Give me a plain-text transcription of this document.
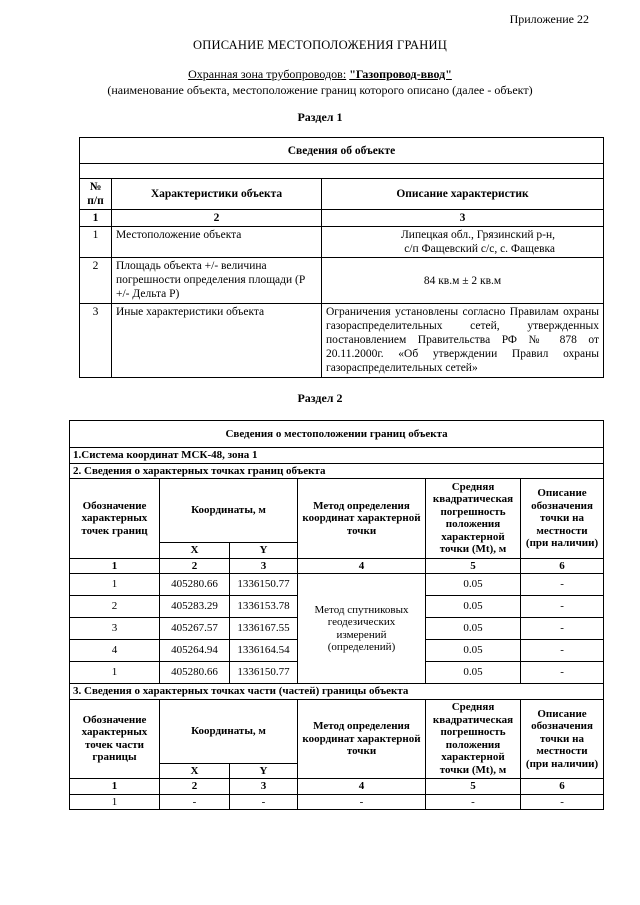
Приложение 22
ОПИСАНИЕ МЕСТОПОЛОЖЕНИЯ ГРАНИЦ
Охранная зона трубопроводов: "Газопровод-ввод"
(наименование объекта, местоположение границ которого описано (далее - объект)
Раздел 1
Сведения об объекте		

№ п/п	Характеристики объекта	Описание характеристик
1	2	3
1	Местоположение объекта	Липецкая обл., Грязинский р-н,
с/п Фащевский с/с, с. Фащевка

2	Площадь объекта +/- величина погрешности определения площади (Р +/- Дельта Р)	84 кв.м ± 2 кв.м
3	Иные характеристики объекта	Ограничения установлены согласно Правилам охраны газораспределительных сетей, утвержденных постановлением Правительства РФ № 878 от 20.11.2000г. «Об утверждении Правил охраны газораспределительных сетей»
Раздел 2
Сведения о местоположении границ объекта					
1.Система координат МСК-48, зона 1					
2. Сведения о характерных точках границ объекта					
Обозначение характерных точек границ	Координаты, м		Метод определения координат характерной точки	Средняя квадратическая погрешность положения характерной точки (Mt), м	Описание обозначения точки на местности (при наличии)
	X	Y			
1	2	3	4	5	6
1	405280.66	1336150.77	Метод спутниковых геодезических измерений (определений)	0.05	-
2	405283.29	1336153.78		0.05	-
3	405267.57	1336167.55		0.05	-
4	405264.94	1336164.54		0.05	-
1	405280.66	1336150.77		0.05	-
3. Сведения о характерных точках части (частей) границы объекта					
Обозначение характерных точек части границы	Координаты, м		Метод определения координат характерной точки	Средняя квадратическая погрешность положения характерной точки (Mt), м	Описание обозначения точки на местности (при наличии)
	X	Y			
1	2	3	4	5	6
1	-	-	-	-	-
